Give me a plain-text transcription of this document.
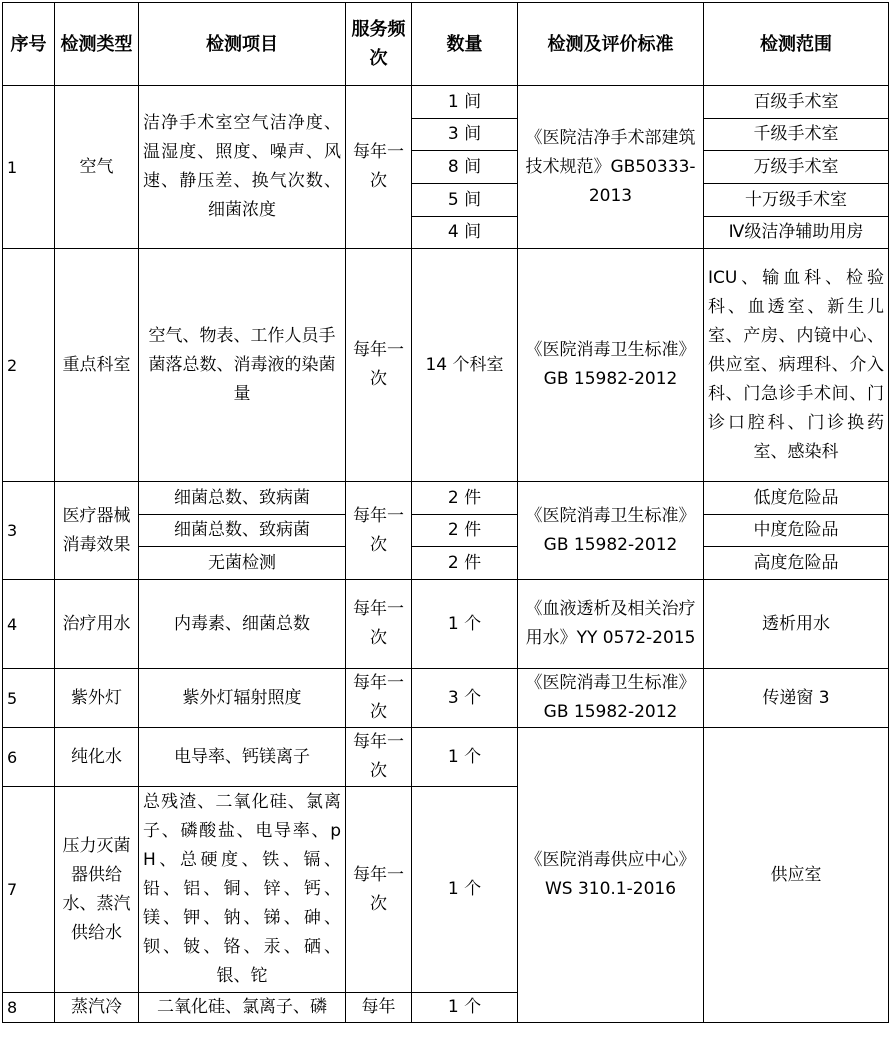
序号	检测类型	检测项目	服务频次	数量	检测及评价标准	检测范围
1	空气	洁净手术室空气洁净度、温湿度、照度、噪声、风速、静压差、换气次数、细菌浓度	每年一次	1 间	《医院洁净手术部建筑技术规范》GB50333-2013	百级手术室
				3 间		千级手术室
				8 间		万级手术室
				5 间		十万级手术室
				4 间		Ⅳ级洁净辅助用房
2	重点科室	空气、物表、工作人员手菌落总数、消毒液的染菌量	每年一次	14 个科室	《医院消毒卫生标准》GB 15982-2012	ICU、输血科、检验科、血透室、新生儿室、产房、内镜中心、供应室、病理科、介入科、门急诊手术间、门诊口腔科、门诊换药室、感染科
3	医疗器械消毒效果	细菌总数、致病菌	每年一次	2 件	《医院消毒卫生标准》GB 15982-2012	低度危险品
		细菌总数、致病菌		2 件		中度危险品
		无菌检测		2 件		高度危险品
4	治疗用水	内毒素、细菌总数	每年一次	1 个	《血液透析及相关治疗用水》YY 0572-2015	透析用水
5	紫外灯	紫外灯辐射照度	每年一次	3 个	《医院消毒卫生标准》GB 15982-2012	传递窗 3
6	纯化水	电导率、钙镁离子	每年一次	1 个	《医院消毒供应中心》WS 310.1-2016	供应室
7	压力灭菌器供给水、蒸汽供给水	总残渣、二氧化硅、氯离子、磷酸盐、电导率、pH、总硬度、铁、镉、铅、铝、铜、锌、钙、镁、钾、钠、锑、砷、钡、铍、铬、汞、硒、银、铊	每年一次	1 个		
8	蒸汽冷	二氧化硅、氯离子、磷	每年	1 个		
